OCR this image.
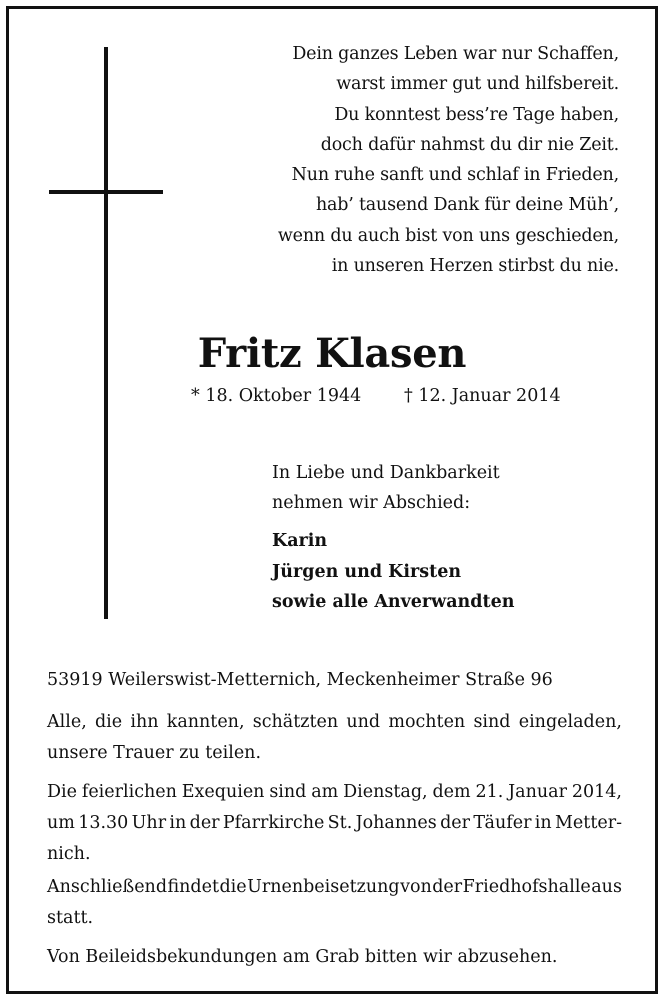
Dein ganzes Leben war nur Schaffen,
warst immer gut und hilfsbereit.
Du konntest bess’re Tage haben,
doch dafür nahmst du dir nie Zeit.
Nun ruhe sanft und schlaf in Frieden,
hab’ tausend Dank für deine Müh’,
wenn du auch bist von uns geschieden,
in unseren Herzen stirbst du nie.
Fritz Klasen
* 18. Oktober 1944 † 12. Januar 2014
In Liebe und Dankbarkeit
nehmen wir Abschied:
Karin
Jürgen und Kirsten
sowie alle Anverwandten
53919 Weilerswist-Metternich, Meckenheimer Straße 96
Alle, die ihn kannten, schätzten und mochten sind eingeladen,
unsere Trauer zu teilen.
Die feierlichen Exequien sind am Dienstag, dem 21. Januar 2014,
um 13.30 Uhr in der Pfarrkirche St. Johannes der Täufer in Metter-
nich.
Anschließend findet die Urnenbeisetzung von der Friedhofshalle aus
statt.
Von Beileidsbekundungen am Grab bitten wir abzusehen.
